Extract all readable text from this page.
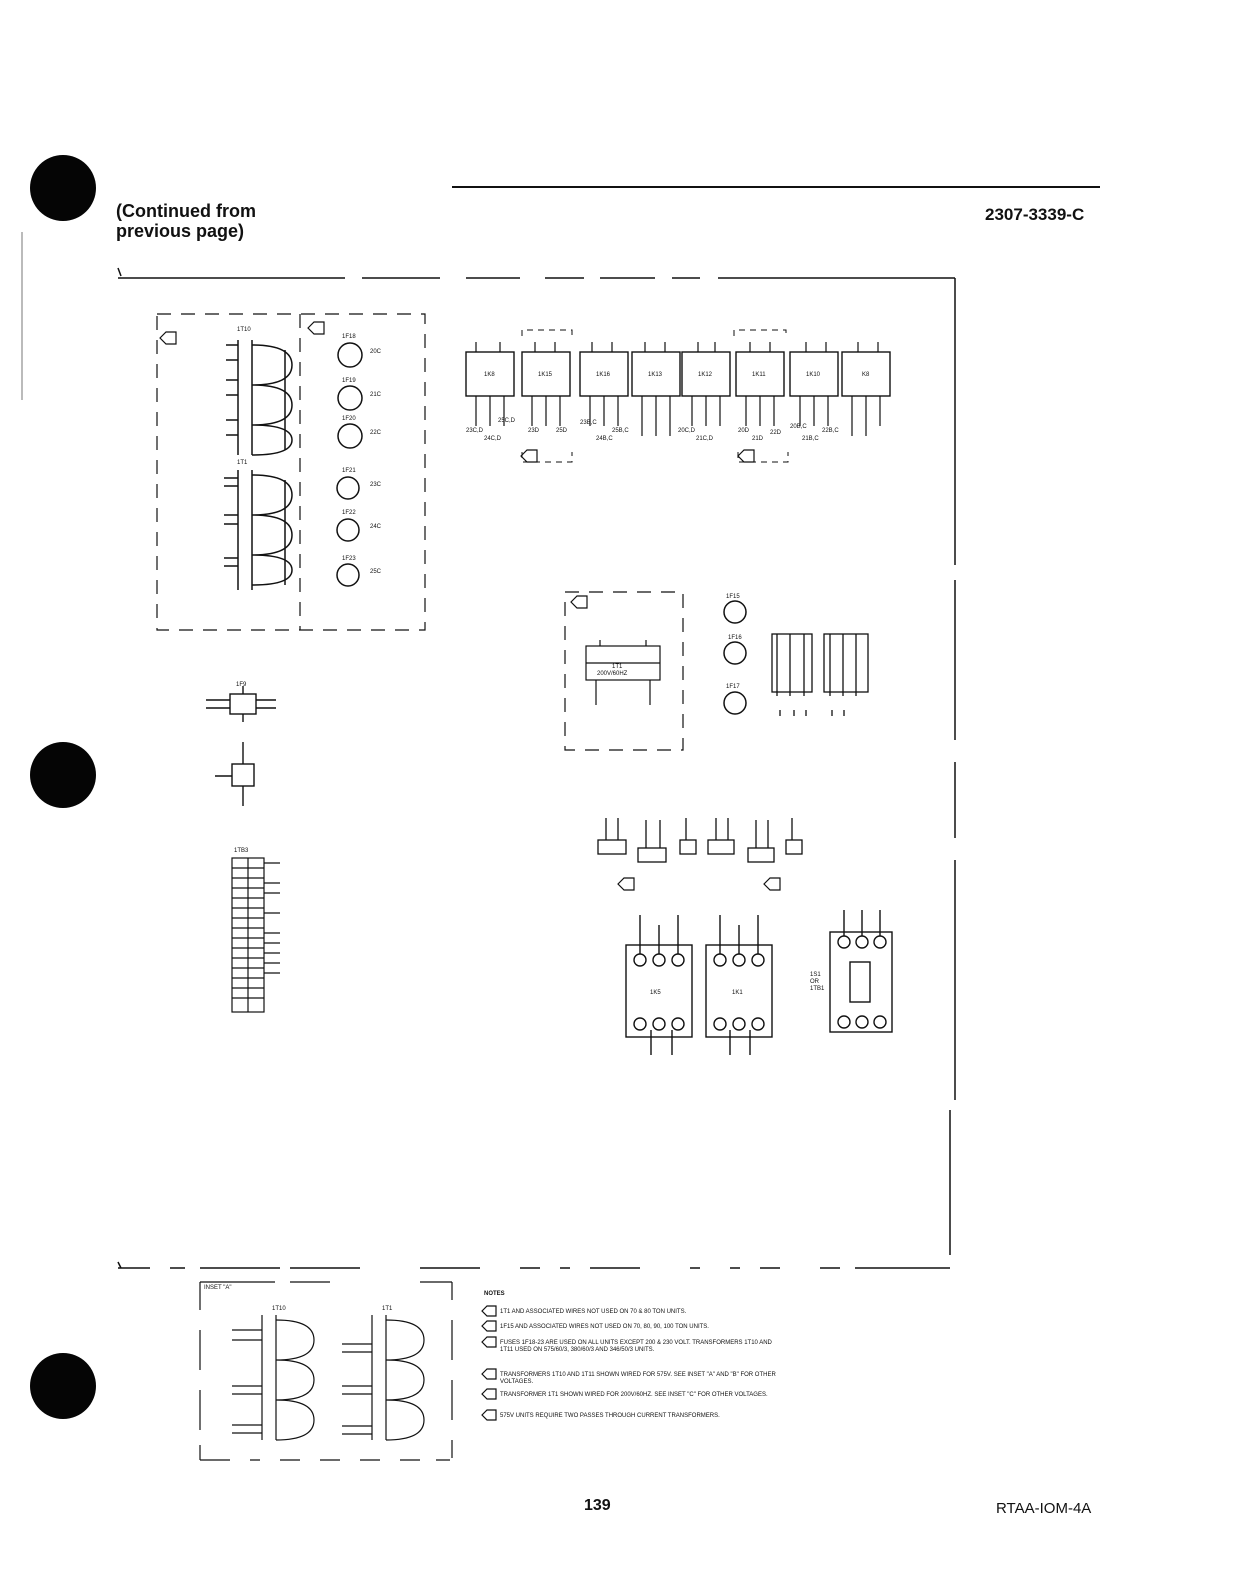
(Continued from
previous page)
2307-3339-C
1T10
1T1
1F18
1F19
1F20
1F21
1F22
1F23
20C
21C
22C
23C
24C
25C
1K8	1K15	1K16	1K13	1K12	1K11	1K10	K8
23C,D
24C,D
23D	25D
25C,D	23B,C
24B,C
25B,C	20C,D
21C,D
20D
21D
22D
20B,C
21B,C
22B,C
1F15
1F16
1F17
1T1
200V/60HZ
1F9
1TB3
1K5	1K1
1S1 OR 1TB1
INSET "A"
1T10	1T1
NOTES
1T1 AND ASSOCIATED WIRES NOT USED ON 70 & 80 TON UNITS.
1F15 AND ASSOCIATED WIRES NOT USED ON 70, 80, 90, 100 TON UNITS.
FUSES 1F18-23 ARE USED ON ALL UNITS EXCEPT 200 & 230 VOLT. TRANSFORMERS 1T10 AND 1T11 USED ON 575/60/3, 380/60/3 AND 346/50/3 UNITS.
TRANSFORMERS 1T10 AND 1T11 SHOWN WIRED FOR 575V. SEE INSET "A" AND "B" FOR OTHER VOLTAGES.
TRANSFORMER 1T1 SHOWN WIRED FOR 200V/60HZ. SEE INSET "C" FOR OTHER VOLTAGES.
575V UNITS REQUIRE TWO PASSES THROUGH CURRENT TRANSFORMERS.
139	RTAA-IOM-4A
